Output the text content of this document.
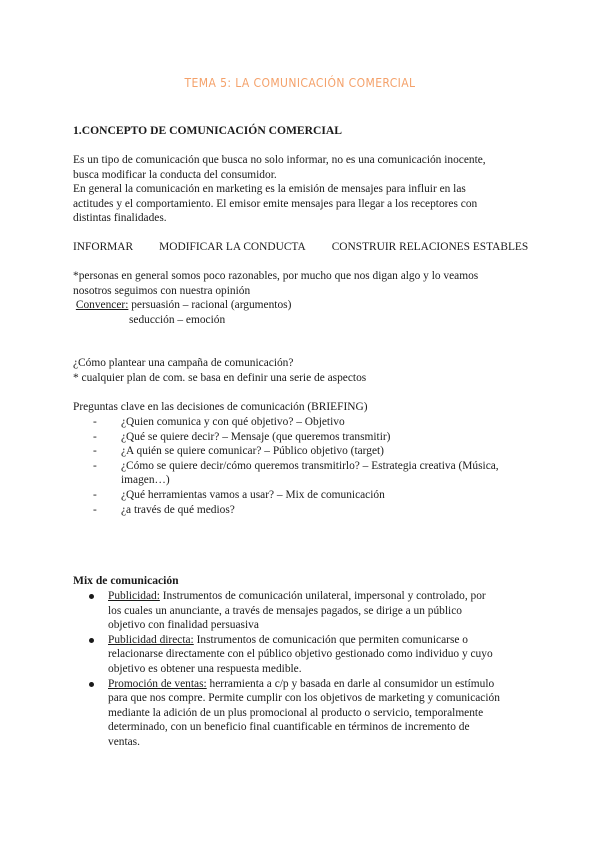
TEMA 5: LA COMUNICACIÓN COMERCIAL
1.CONCEPTO DE COMUNICACIÓN COMERCIAL

Es un tipo de comunicación que busca no solo informar, no es una comunicación inocente,

busca modificar la conducta del consumidor.

En general la comunicación en marketing es la emisión de mensajes para influir en las

actitudes y el comportamiento. El emisor emite mensajes para llegar a los receptores con

distintas finalidades.

INFORMAR MODIFICAR LA CONDUCTA CONSTRUIR RELACIONES ESTABLES

*personas en general somos poco razonables, por mucho que nos digan algo y lo veamos

nosotros seguimos con nuestra opinión

Convencer: persuasión – racional (argumentos)

seducción – emoción

¿Cómo plantear una campaña de comunicación?

* cualquier plan de com. se basa en definir una serie de aspectos

Preguntas clave en las decisiones de comunicación (BRIEFING)

- ¿Quien comunica y con qué objetivo? – Objetivo
- ¿Qué se quiere decir? – Mensaje (que queremos transmitir)
- ¿A quién se quiere comunicar? – Público objetivo (target)
- ¿Cómo se quiere decir/cómo queremos transmitirlo? – Estrategia creativa (Música,
imagen…)
- ¿Qué herramientas vamos a usar? – Mix de comunicación
- ¿a través de qué medios?
Mix de comunicación
Publicidad: Instrumentos de comunicación unilateral, impersonal y controlado, por
los cuales un anunciante, a través de mensajes pagados, se dirige a un público
objetivo con finalidad persuasiva
Publicidad directa: Instrumentos de comunicación que permiten comunicarse o
relacionarse directamente con el público objetivo gestionado como individuo y cuyo
objetivo es obtener una respuesta medible.
Promoción de ventas: herramienta a c/p y basada en darle al consumidor un estímulo
para que nos compre. Permite cumplir con los objetivos de marketing y comunicación
mediante la adición de un plus promocional al producto o servicio, temporalmente
determinado, con un beneficio final cuantificable en términos de incremento de
ventas.
